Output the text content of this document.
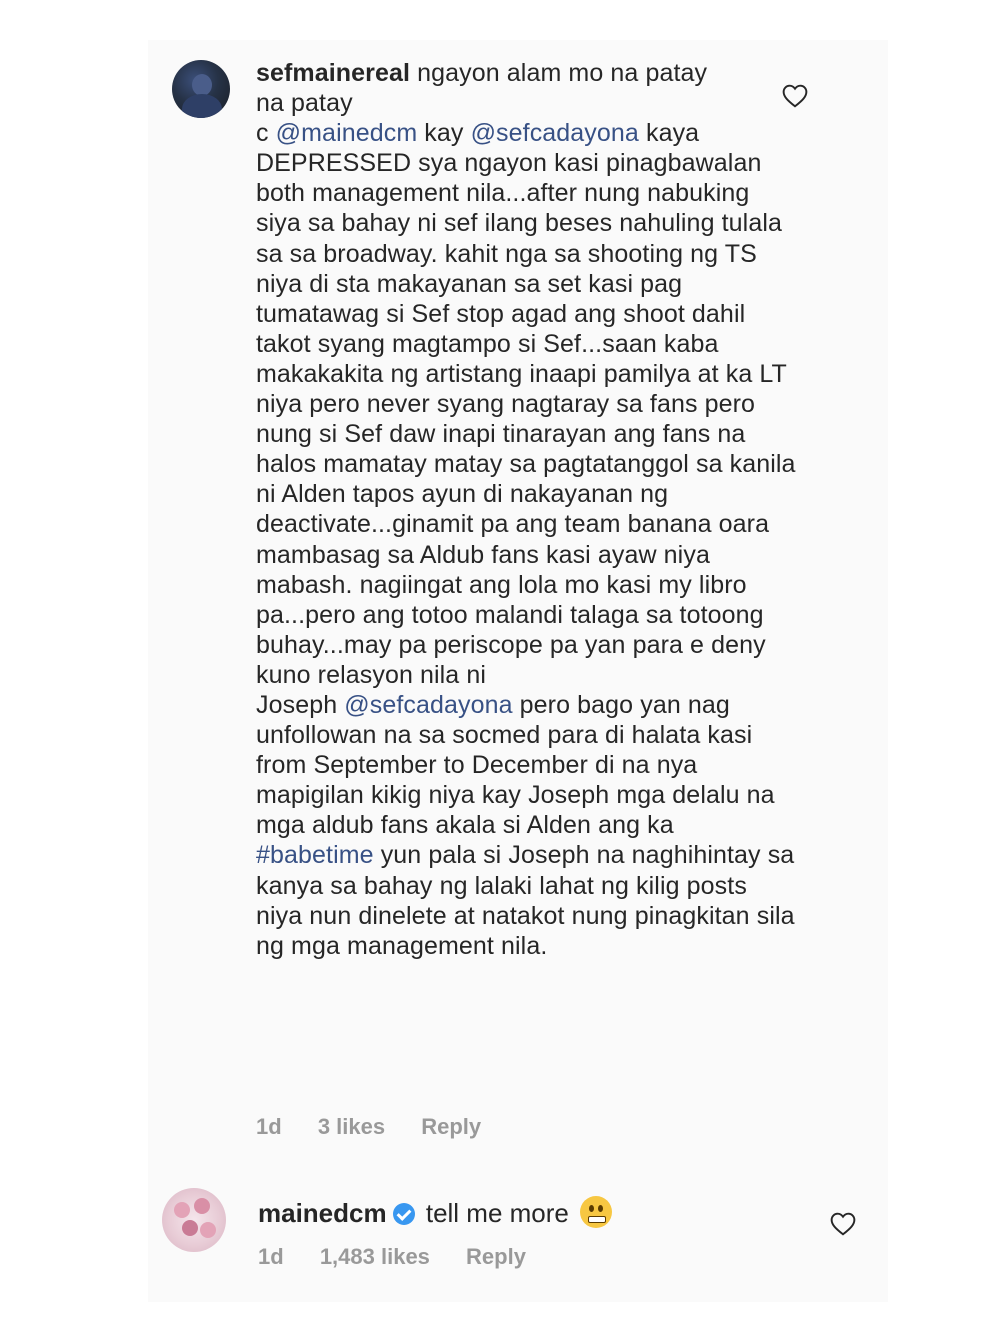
sefmainereal ngayon alam mo na patay
na patay
c @mainedcm kay @sefcadayona kaya DEPRESSED sya ngayon kasi pinagbawalan both management nila...after nung nabuking siya sa bahay ni sef ilang beses nahuling tulala sa sa broadway. kahit nga sa shooting ng TS niya di sta makayanan sa set kasi pag tumatawag si Sef stop agad ang shoot dahil takot syang magtampo si Sef...saan kaba makakakita ng artistang inaapi pamilya at ka LT niya pero never syang nagtaray sa fans pero nung si Sef daw inapi tinarayan ang fans na halos mamatay matay sa pagtatanggol sa kanila ni Alden tapos ayun di nakayanan ng deactivate...ginamit pa ang team banana oara mambasag sa Aldub fans kasi ayaw niya mabash. nagiingat ang lola mo kasi my libro pa...pero ang totoo malandi talaga sa totoong buhay...may pa periscope pa yan para e deny kuno relasyon nila ni
Joseph @sefcadayona pero bago yan nag unfollowan na sa socmed para di halata kasi from September to December di na nya mapigilan kikig niya kay Joseph mga delalu na mga aldub fans akala si Alden ang ka #babetime yun pala si Joseph na naghihintay sa kanya sa bahay ng lalaki lahat ng kilig posts niya nun dinelete at natakot nung pinagkitan sila ng mga management nila.
1d 3 likes Reply
mainedcm tell me more
1d 1,483 likes Reply
